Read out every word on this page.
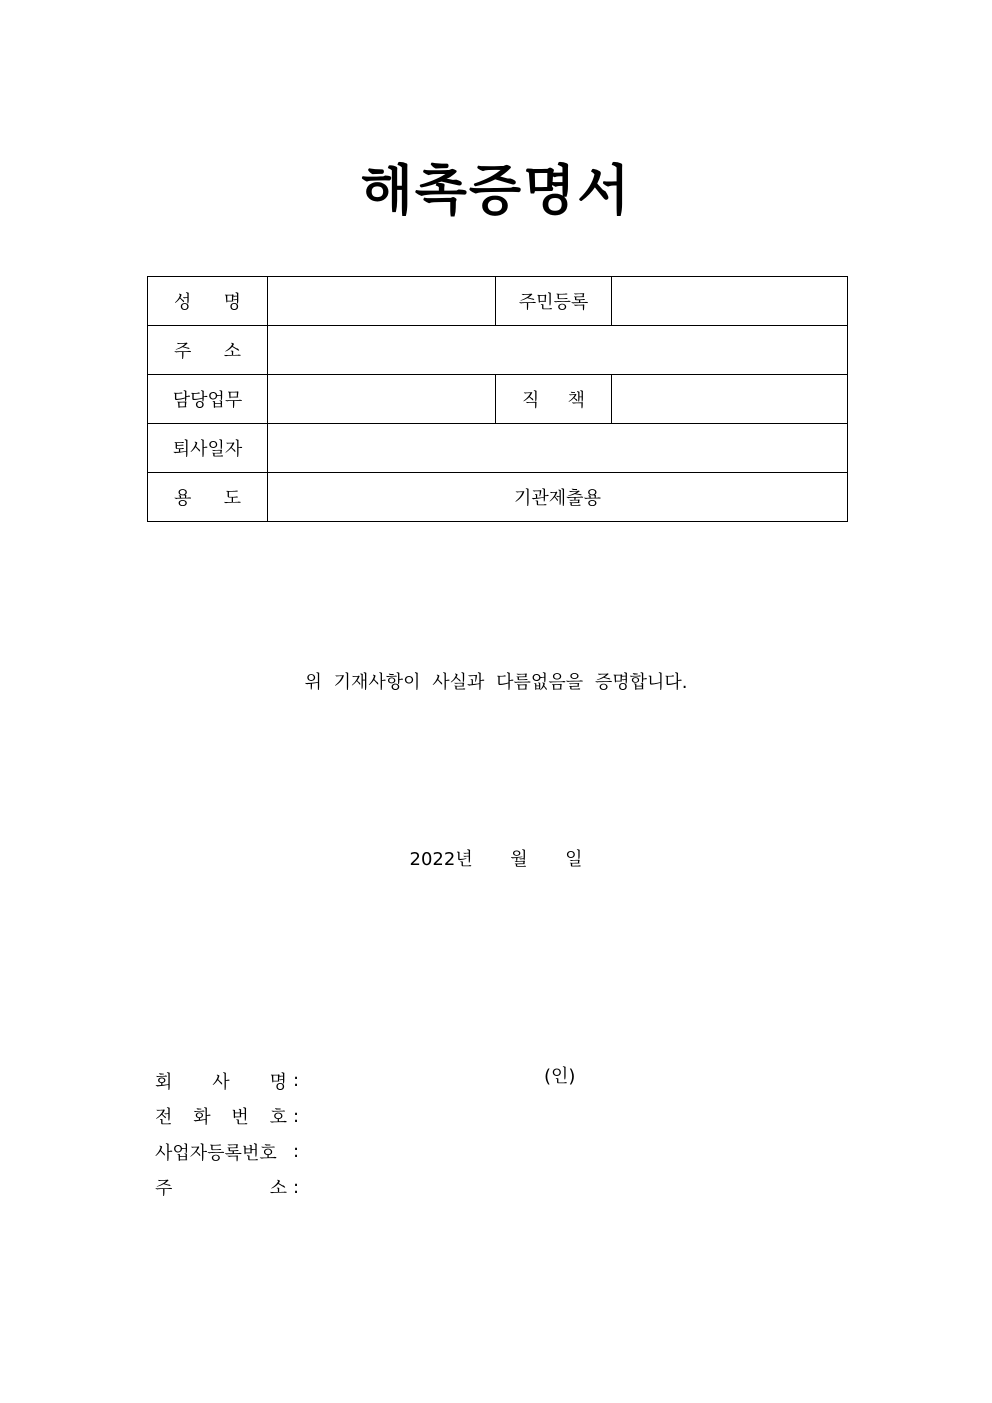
해촉증명서
성 명		주민등록	

주 소			

담당업무		직 책	

퇴사일자			

용 도	기관제출용		
위 기재사항이 사실과 다름없음을 증명합니다.
2022년 월 일
회 사 명 :
전 화 번 호 :
사업자등록번호 :
주	소 :
(인)
